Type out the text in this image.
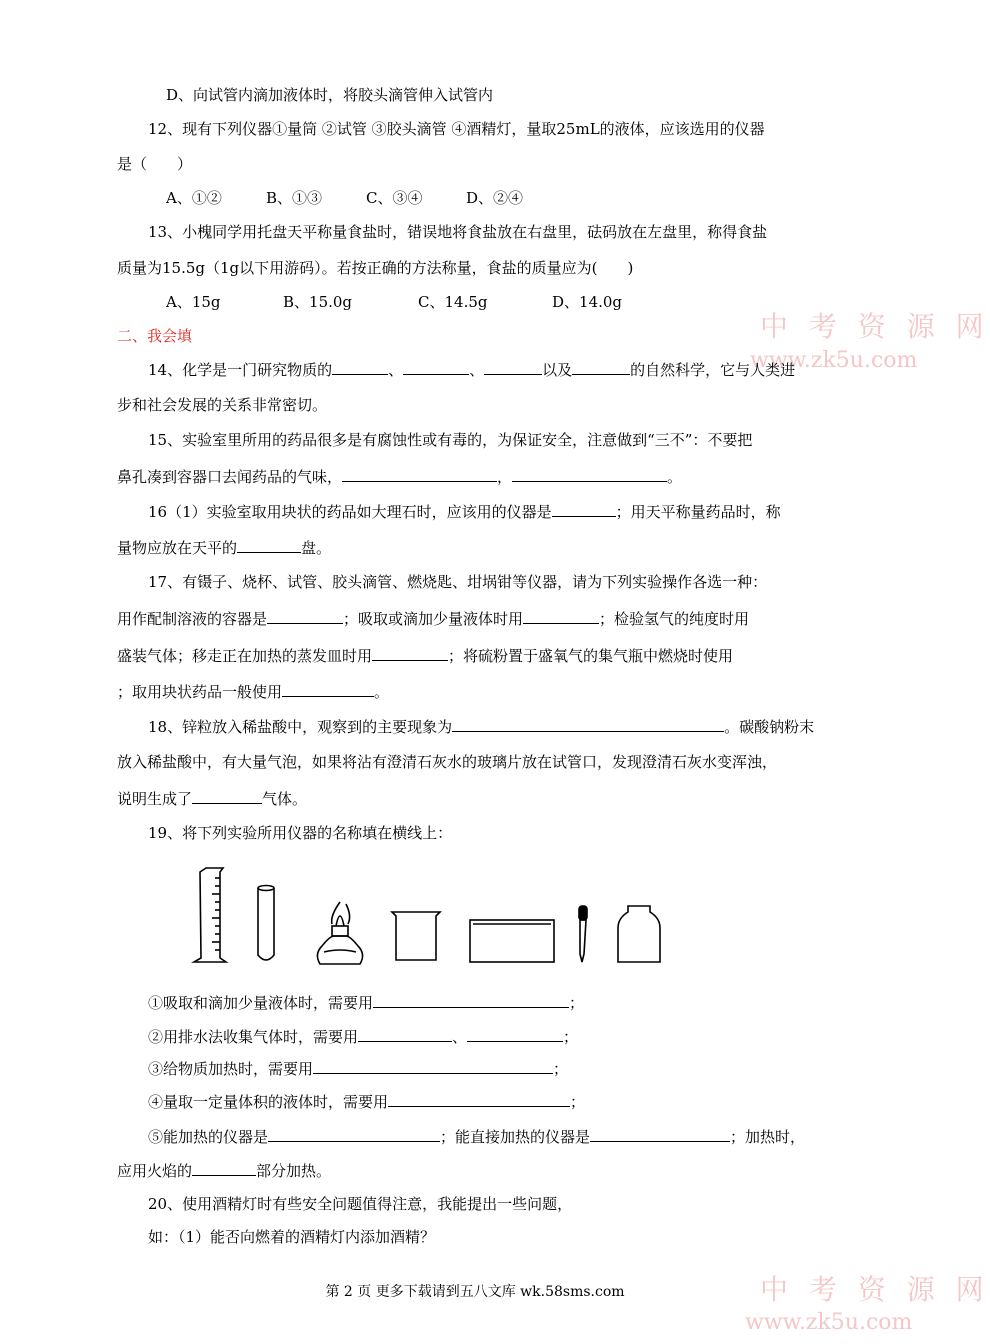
中 考 资 源 网
www.zk5u.com
中 考 资 源 网
www.zk5u.com
D、向试管内滴加液体时，将胶头滴管伸入试管内
12、现有下列仪器①量筒 ②试管 ③胶头滴管 ④酒精灯，量取25mL的液体，应该选用的仪器
是（　　）
A、①②	B、①③	C、③④	D、②④
13、小槐同学用托盘天平称量食盐时，错误地将食盐放在右盘里，砝码放在左盘里，称得食盐
质量为15.5g（1g以下用游码）。若按正确的方法称量，食盐的质量应为(　　)
A、15g	B、15.0g	C、14.5g	D、14.0g
二、我会填
14、化学是一门研究物质的	、	、	以及	的自然科学，它与人类进
步和社会发展的关系非常密切。
15、实验室里所用的药品很多是有腐蚀性或有毒的，为保证安全，注意做到“三不”：不要把
鼻孔凑到容器口去闻药品的气味，	，	。
16（1）实验室取用块状的药品如大理石时，应该用的仪器是	；用天平称量药品时，称
量物应放在天平的	盘。
17、有镊子、烧杯、试管、胶头滴管、燃烧匙、坩埚钳等仪器，请为下列实验操作各选一种：
用作配制溶液的容器是	；吸取或滴加少量液体时用	；检验氢气的纯度时用
盛装气体；移走正在加热的蒸发皿时用	；将硫粉置于盛氧气的集气瓶中燃烧时使用
；取用块状药品一般使用	。
18、锌粒放入稀盐酸中，观察到的主要现象为	。碳酸钠粉末
放入稀盐酸中，有大量气泡，如果将沾有澄清石灰水的玻璃片放在试管口，发现澄清石灰水变浑浊，
说明生成了	气体。
19、将下列实验所用仪器的名称填在横线上：
①吸取和滴加少量液体时，需要用	；
②用排水法收集气体时，需要用	、	；
③给物质加热时，需要用	；
④量取一定量体积的液体时，需要用	；
⑤能加热的仪器是	；能直接加热的仪器是	；加热时，
应用火焰的	部分加热。
20、使用酒精灯时有些安全问题值得注意，我能提出一些问题，
如：（1）能否向燃着的酒精灯内添加酒精？
第 2 页 更多下载请到五八文库 wk.58sms.com
